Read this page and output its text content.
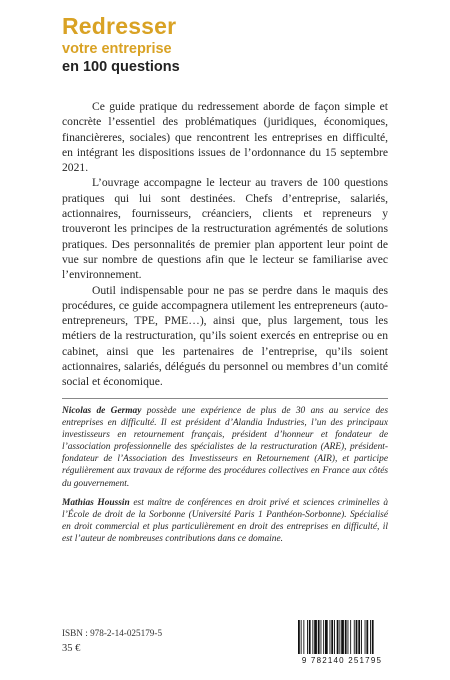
Redresser
votre entreprise
en 100 questions

Ce guide pratique du redressement aborde de façon simple et concrète l’essentiel des problématiques (juridiques, économiques, financièreres, sociales) que rencontrent les entreprises en difficulté, en intégrant les dispositions issues de l’ordonnance du 15 septembre 2021.

L’ouvrage accompagne le lecteur au travers de 100 questions pratiques qui lui sont destinées. Chefs d’entreprise, salariés, actionnaires, fournisseurs, créanciers, clients et repreneurs y trouveront les principes de la restructuration agrémentés de solutions pratiques. Des personnalités de premier plan apportent leur point de vue sur nombre de questions afin que le lecteur se familiarise avec l’environnement.

Outil indispensable pour ne pas se perdre dans le maquis des procédures, ce guide accompagnera utilement les entrepreneurs (auto-entrepreneurs, TPE, PME…), ainsi que, plus largement, tous les métiers de la restructuration, qu’ils soient exercés en entreprise ou en cabinet, ainsi que les partenaires de l’entreprise, qu’ils soient actionnaires, salariés, délégués du personnel ou membres d’un comité social et économique.

Nicolas de Germay possède une expérience de plus de 30 ans au service des entreprises en difficulté. Il est président d’Alandia Industries, l’un des principaux investisseurs en retournement français, président d’honneur et fondateur de l’association professionnelle des spécialistes de la restructuration (ARE), président-fondateur de l’Association des Investisseurs en Retournement (AIR), et participe régulièrement aux travaux de réforme des procédures collectives en France aux côtés du gouvernement.

Mathias Houssin est maître de conférences en droit privé et sciences criminelles à l’École de droit de la Sorbonne (Université Paris 1 Panthéon-Sorbonne). Spécialisé en droit commercial et plus particulièrement en droit des entreprises en difficulté, il est l’auteur de nombreuses contributions dans ce domaine.

ISBN : 978-2-14-025179-5
35 €
9 782140 251795
